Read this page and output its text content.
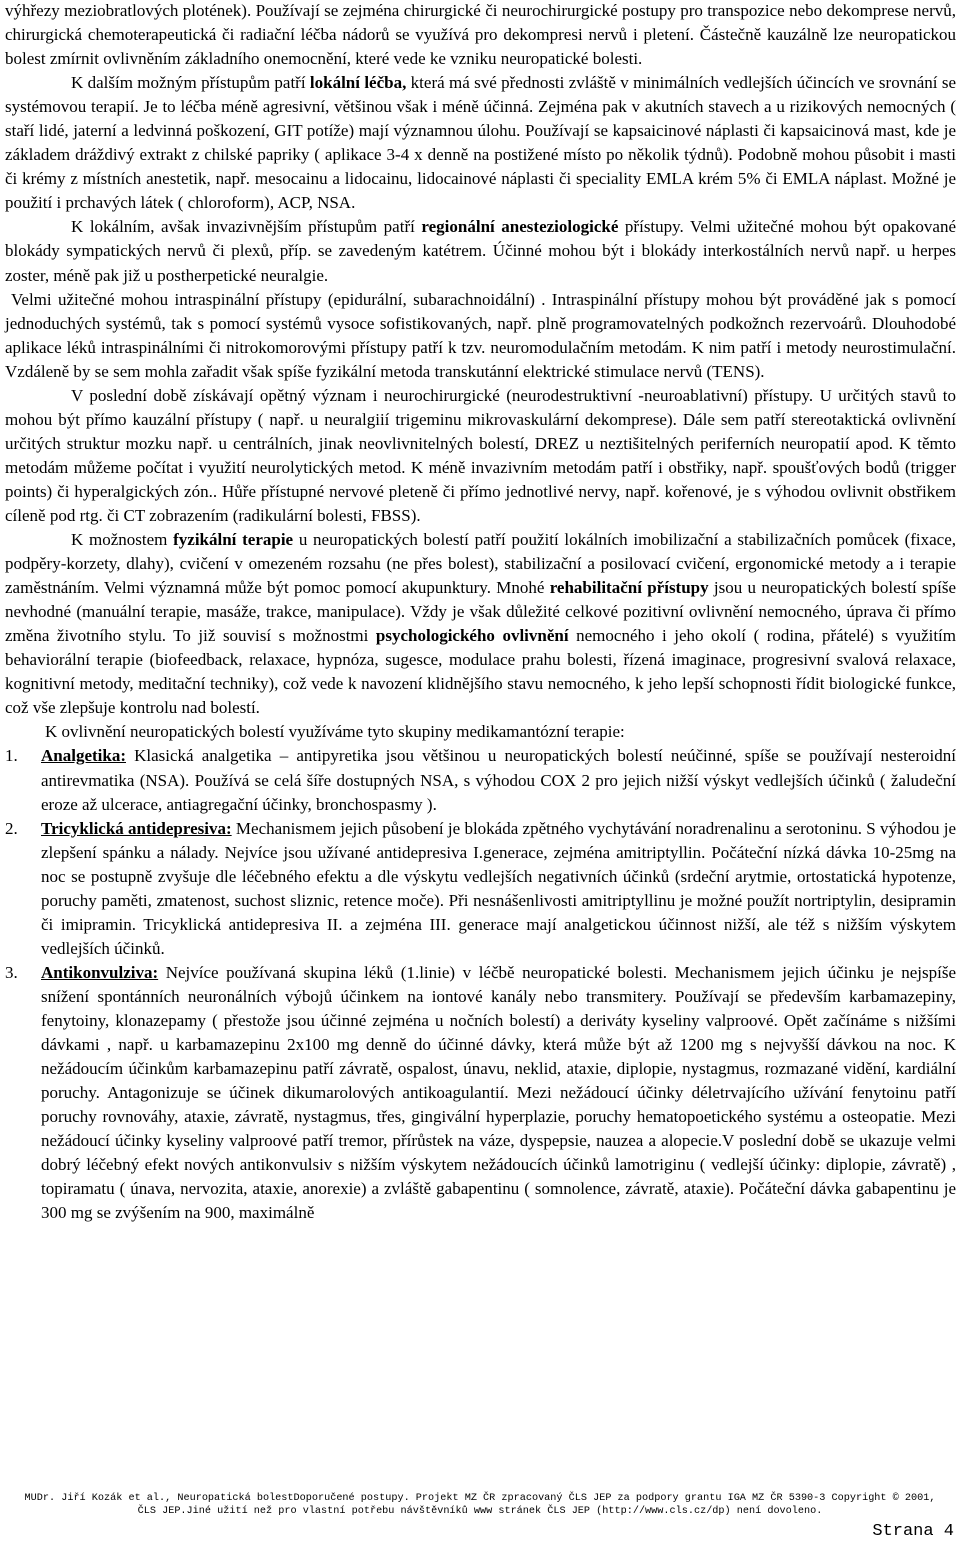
výhřezy meziobratlových plotének). Používají se zejména chirurgické či neurochirurgické postupy pro transpozice nebo dekomprese nervů, chirurgická chemoterapeutická či radiační léčba nádorů se využívá pro dekompresi nervů i pletení. Částečně kauzálně lze neuropatickou bolest zmírnit ovlivněním základního onemocnění, které vede ke vzniku neuropatické bolesti.

K dalším možným přístupům patří lokální léčba, která má své přednosti zvláště v minimálních vedlejších účincích ve srovnání se systémovou terapií. Je to léčba méně agresivní, většinou však i méně účinná. Zejména pak v akutních stavech a u rizikových nemocných ( staří lidé, jaterní a ledvinná poškození, GIT potíže) mají významnou úlohu. Používají se kapsaicinové náplasti či kapsaicinová mast, kde je základem dráždivý extrakt z chilské papriky ( aplikace 3-4 x denně na postižené místo po několik týdnů). Podobně mohou působit i masti či krémy z místních anestetik, např. mesocainu a lidocainu, lidocainové náplasti či speciality EMLA krém 5% či EMLA náplast. Možné je použití i prchavých látek ( chloroform), ACP, NSA.

K lokálním, avšak invazivnějším přístupům patří regionální anesteziologické přístupy. Velmi užitečné mohou být opakované blokády sympatických nervů či plexů, příp. se zavedeným katétrem. Účinné mohou být i blokády interkostálních nervů např. u herpes zoster, méně pak již u postherpetické neuralgie.

Velmi užitečné mohou intraspinální přístupy (epidurální, subarachnoidální) . Intraspinální přístupy mohou být prováděné jak s pomocí jednoduchých systémů, tak s pomocí systémů vysoce sofistikovaných, např. plně programovatelných podkožnch rezervoárů. Dlouhodobé aplikace léků intraspinálními či nitrokomorovými přístupy patří k tzv. neuromodulačním metodám. K nim patří i metody neurostimulační. Vzdáleně by se sem mohla zařadit však spíše fyzikální metoda transkutánní elektrické stimulace nervů (TENS).

V poslední době získávají opětný význam i neurochirurgické (neurodestruktivní -neuroablativní) přístupy. U určitých stavů to mohou být přímo kauzální přístupy ( např. u neuralgiií trigeminu mikrovaskulární dekomprese). Dále sem patří stereotaktická ovlivnění určitých struktur mozku např. u centrálních, jinak neovlivnitelných bolestí, DREZ u neztišitelných periferních neuropatií apod. K těmto metodám můžeme počítat i využití neurolytických metod. K méně invazivním metodám patří i obstřiky, např. spoušťových bodů (trigger points) či hyperalgických zón.. Hůře přístupné nervové pleteně či přímo jednotlivé nervy, např. kořenové, je s výhodou ovlivnit obstřikem cíleně pod rtg. či CT zobrazením (radikulární bolesti, FBSS).

K možnostem fyzikální terapie u neuropatických bolestí patří použití lokálních imobilizační a stabilizačních pomůcek (fixace, podpěry-korzety, dlahy), cvičení v omezeném rozsahu (ne přes bolest), stabilizační a posilovací cvičení, ergonomické metody a i terapie zaměstnáním. Velmi významná může být pomoc pomocí akupunktury. Mnohé rehabilitační přístupy jsou u neuropatických bolestí spíše nevhodné (manuální terapie, masáže, trakce, manipulace). Vždy je však důležité celkové pozitivní ovlivnění nemocného, úprava či přímo změna životního stylu. To již souvisí s možnostmi psychologického ovlivnění nemocného i jeho okolí ( rodina, přátelé) s využitím behaviorální terapie (biofeedback, relaxace, hypnóza, sugesce, modulace prahu bolesti, řízená imaginace, progresivní svalová relaxace, kognitivní metody, meditační techniky), což vede k navození klidnějšího stavu nemocného, k jeho lepší schopnosti řídit biologické funkce, což vše zlepšuje kontrolu nad bolestí.

K ovlivnění neuropatických bolestí využíváme tyto skupiny medikamantózní terapie:

1. Analgetika: Klasická analgetika – antipyretika jsou většinou u neuropatických bolestí neúčinné, spíše se používají nesteroidní antirevmatika (NSA). Používá se celá šíře dostupných NSA, s výhodou COX 2 pro jejich nižší výskyt vedlejších účinků ( žaludeční eroze až ulcerace, antiagregační účinky, bronchospasmy ).
2. Tricyklická antidepresiva: Mechanismem jejich působení je blokáda zpětného vychytávání noradrenalinu a serotoninu. S výhodou je zlepšení spánku a nálady. Nejvíce jsou užívané antidepresiva I.generace, zejména amitriptyllin. Počáteční nízká dávka 10-25mg na noc se postupně zvyšuje dle léčebného efektu a dle výskytu vedlejších negativních účinků (srdeční arytmie, ortostatická hypotenze, poruchy paměti, zmatenost, suchost sliznic, retence moče). Při nesnášenlivosti amitriptyllinu je možné použít nortriptylin, desipramin či imipramin. Tricyklická antidepresiva II. a zejména III. generace mají analgetickou účinnost nižší, ale též s nižším výskytem vedlejších účinků.
3. Antikonvulziva: Nejvíce používaná skupina léků (1.linie) v léčbě neuropatické bolesti. Mechanismem jejich účinku je nejspíše snížení spontánních neuronálních výbojů účinkem na iontové kanály nebo transmitery. Používají se především karbamazepiny, fenytoiny, klonazepamy ( přestože jsou účinné zejména u nočních bolestí) a deriváty kyseliny valproové. Opět začínáme s nižšími dávkami , např. u karbamazepinu 2x100 mg denně do účinné dávky, která může být až 1200 mg s nejvyšší dávkou na noc. K nežádoucím účinkům karbamazepinu patří závratě, ospalost, únavu, neklid, ataxie, diplopie, nystagmus, rozmazané vidění, kardiální poruchy. Antagonizuje se účinek dikumarolových antikoagulantií. Mezi nežádoucí účinky déletrvajícího užívání fenytoinu patří poruchy rovnováhy, ataxie, závratě, nystagmus, třes, gingivální hyperplazie, poruchy hematopoetického systému a osteopatie. Mezi nežádoucí účinky kyseliny valproové patří tremor, přírůstek na váze, dyspepsie, nauzea a alopecie.V poslední době se ukazuje velmi dobrý léčebný efekt nových antikonvulsiv s nižším výskytem nežádoucích účinků lamotriginu ( vedlejší účinky: diplopie, závratě) , topiramatu ( únava, nervozita, ataxie, anorexie) a zvláště gabapentinu ( somnolence, závratě, ataxie). Počáteční dávka gabapentinu je 300 mg se zvýšením na 900, maximálně
MUDr. Jiří Kozák et al., Neuropatická bolestDoporučené postupy. Projekt MZ ČR zpracovaný ČLS JEP za podpory grantu IGA MZ ČR 5390-3 Copyright © 2001,
ČLS JEP.Jiné užití než pro vlastní potřebu návštěvníků www stránek ČLS JEP (http://www.cls.cz/dp) není dovoleno.
Strana 4
